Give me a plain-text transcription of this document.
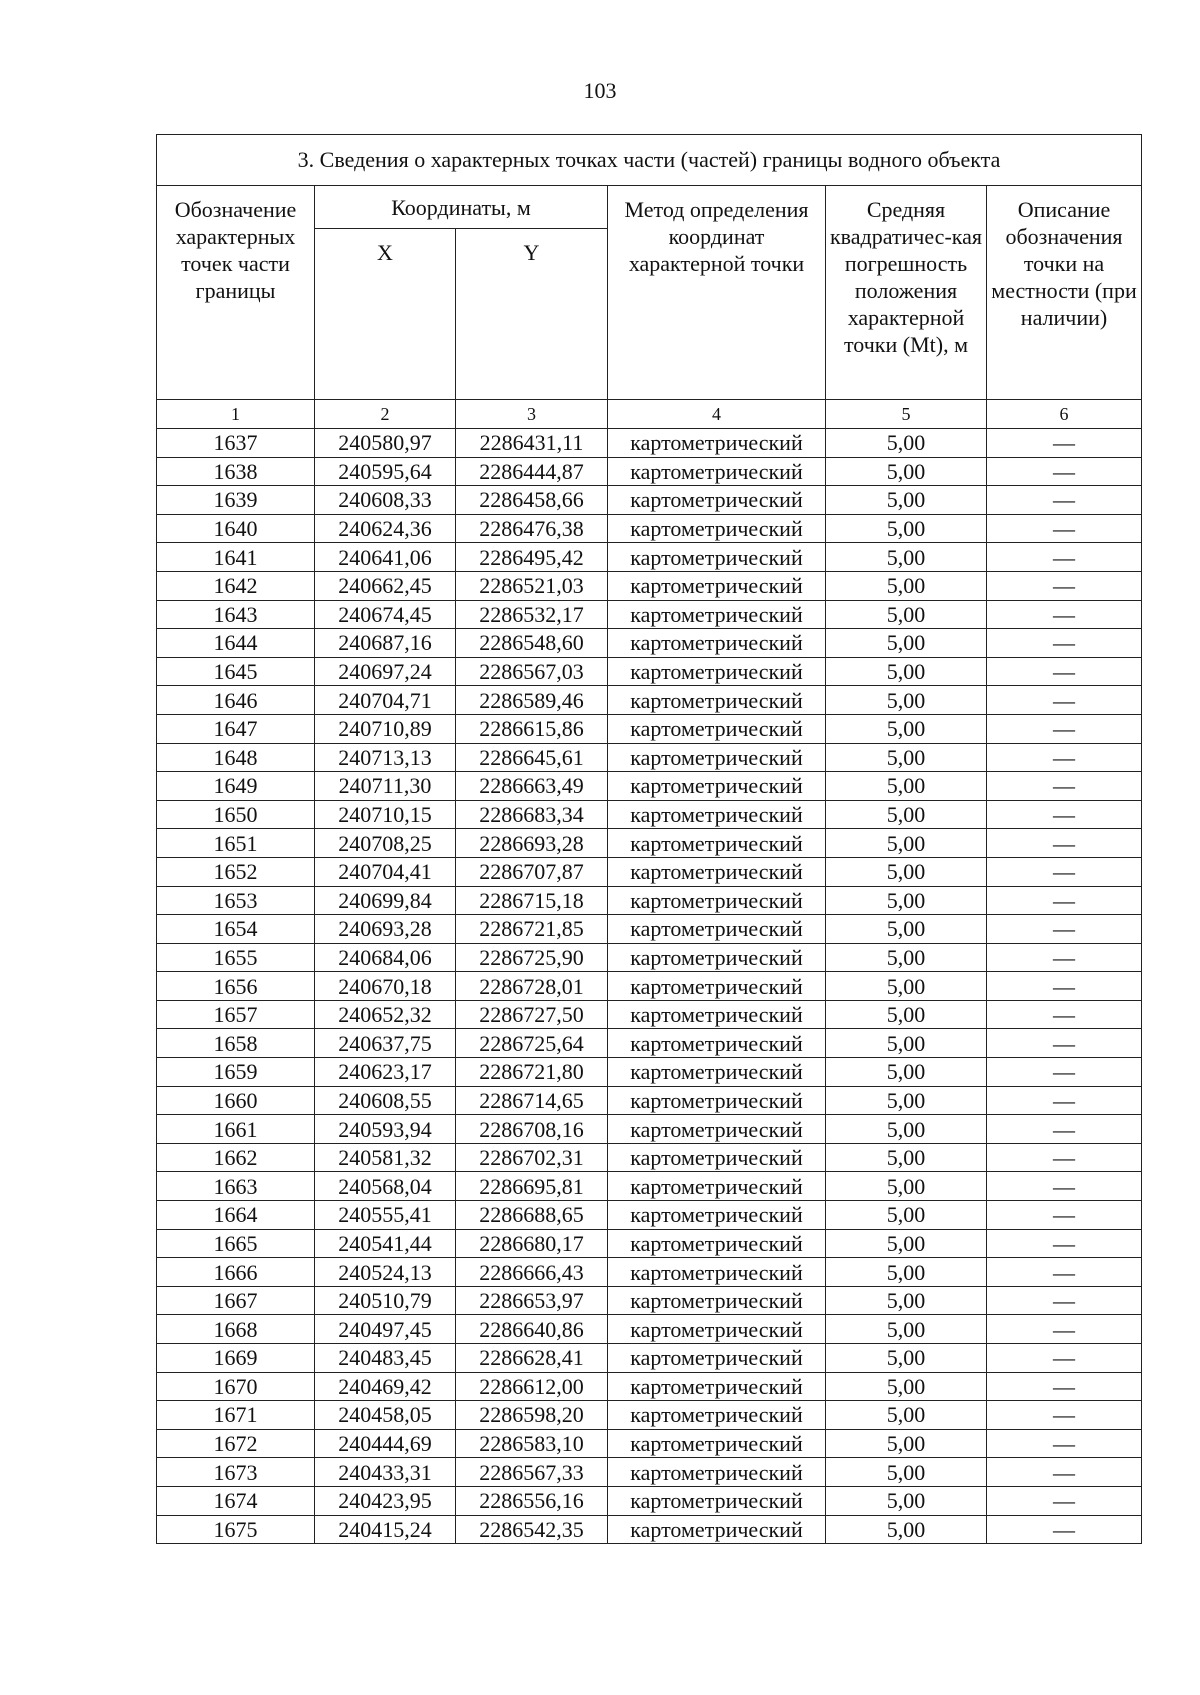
103
3. Сведения о характерных точках части (частей) границы водного объекта					
Обозначение характерных точек части границы	Координаты, м		Метод определения координат характерной точки	Средняя квадратичес-кая погрешность положения характерной точки (Mt), м	Описание обозначения точки на местности (при наличии)
	X	Y			
1	2	3	4	5	6
1637	240580,97	2286431,11	картометрический	5,00	—
1638	240595,64	2286444,87	картометрический	5,00	—
1639	240608,33	2286458,66	картометрический	5,00	—
1640	240624,36	2286476,38	картометрический	5,00	—
1641	240641,06	2286495,42	картометрический	5,00	—
1642	240662,45	2286521,03	картометрический	5,00	—
1643	240674,45	2286532,17	картометрический	5,00	—
1644	240687,16	2286548,60	картометрический	5,00	—
1645	240697,24	2286567,03	картометрический	5,00	—
1646	240704,71	2286589,46	картометрический	5,00	—
1647	240710,89	2286615,86	картометрический	5,00	—
1648	240713,13	2286645,61	картометрический	5,00	—
1649	240711,30	2286663,49	картометрический	5,00	—
1650	240710,15	2286683,34	картометрический	5,00	—
1651	240708,25	2286693,28	картометрический	5,00	—
1652	240704,41	2286707,87	картометрический	5,00	—
1653	240699,84	2286715,18	картометрический	5,00	—
1654	240693,28	2286721,85	картометрический	5,00	—
1655	240684,06	2286725,90	картометрический	5,00	—
1656	240670,18	2286728,01	картометрический	5,00	—
1657	240652,32	2286727,50	картометрический	5,00	—
1658	240637,75	2286725,64	картометрический	5,00	—
1659	240623,17	2286721,80	картометрический	5,00	—
1660	240608,55	2286714,65	картометрический	5,00	—
1661	240593,94	2286708,16	картометрический	5,00	—
1662	240581,32	2286702,31	картометрический	5,00	—
1663	240568,04	2286695,81	картометрический	5,00	—
1664	240555,41	2286688,65	картометрический	5,00	—
1665	240541,44	2286680,17	картометрический	5,00	—
1666	240524,13	2286666,43	картометрический	5,00	—
1667	240510,79	2286653,97	картометрический	5,00	—
1668	240497,45	2286640,86	картометрический	5,00	—
1669	240483,45	2286628,41	картометрический	5,00	—
1670	240469,42	2286612,00	картометрический	5,00	—
1671	240458,05	2286598,20	картометрический	5,00	—
1672	240444,69	2286583,10	картометрический	5,00	—
1673	240433,31	2286567,33	картометрический	5,00	—
1674	240423,95	2286556,16	картометрический	5,00	—
1675	240415,24	2286542,35	картометрический	5,00	—
